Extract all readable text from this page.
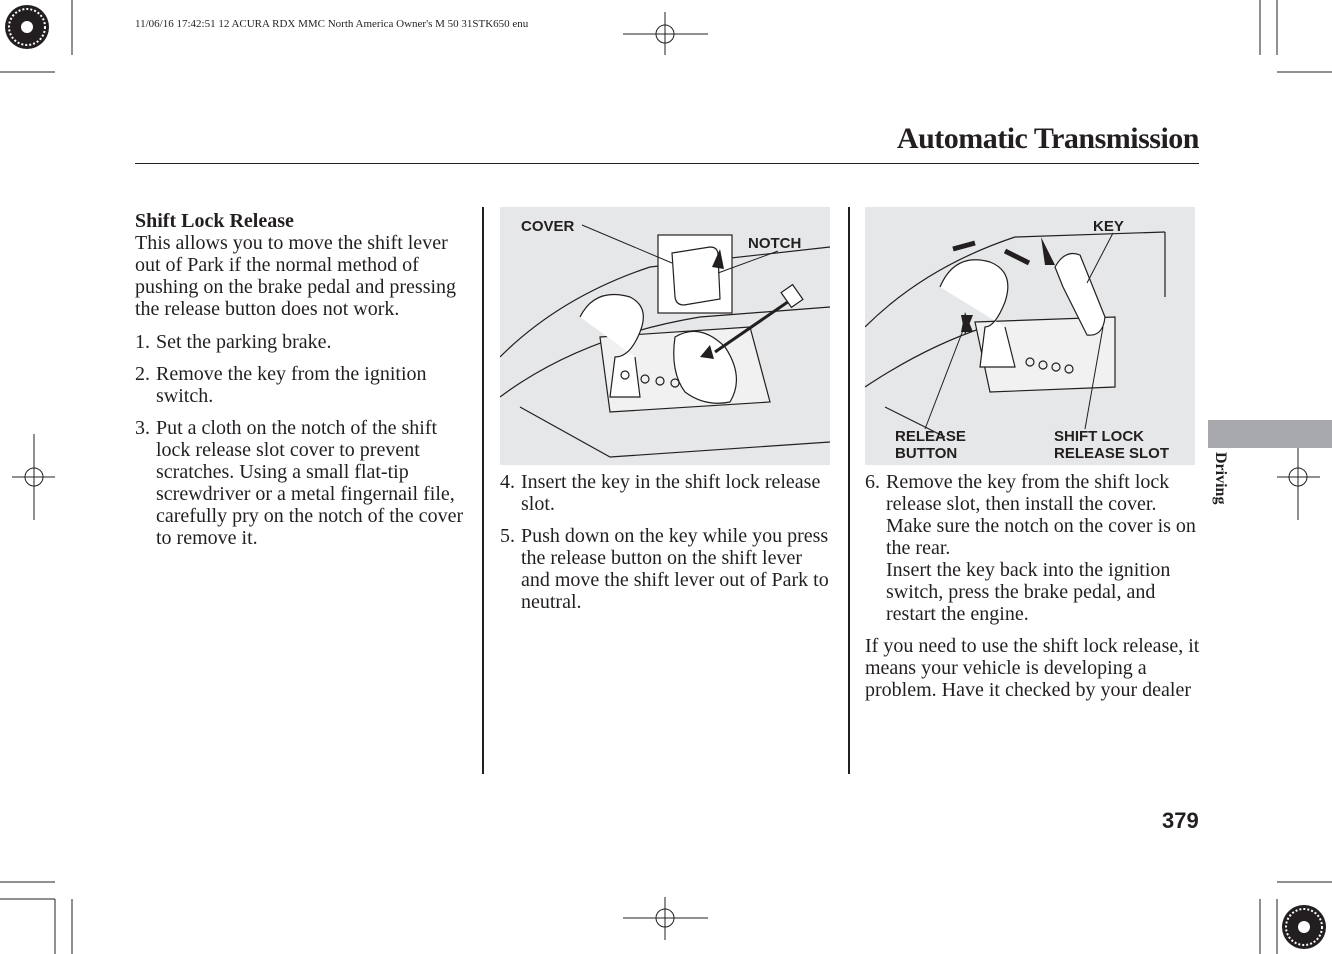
11/06/16 17:42:51 12 ACURA RDX MMC North America Owner's M 50 31STK650 enu
Automatic Transmission

Shift Lock Release

This allows you to move the shift lever out of Park if the normal method of pushing on the brake pedal and pressing the release button does not work.

1. Set the parking brake.
2. Remove the key from the ignition switch.
3. Put a cloth on the notch of the shift lock release slot cover to prevent scratches. Using a small flat-tip screwdriver or a metal fingernail file, carefully pry on the notch of the cover to remove it.
COVER
NOTCH
4. Insert the key in the shift lock release slot.
5. Push down on the key while you press the release button on the shift lever and move the shift lever out of Park to neutral.
KEY
RELEASE
BUTTON
SHIFT LOCK
RELEASE SLOT
6. Remove the key from the shift lock release slot, then install the cover. Make sure the notch on the cover is on the rear.
Insert the key back into the ignition switch, press the brake pedal, and restart the engine.

If you need to use the shift lock release, it means your vehicle is developing a problem. Have it checked by your dealer

Driving
379
